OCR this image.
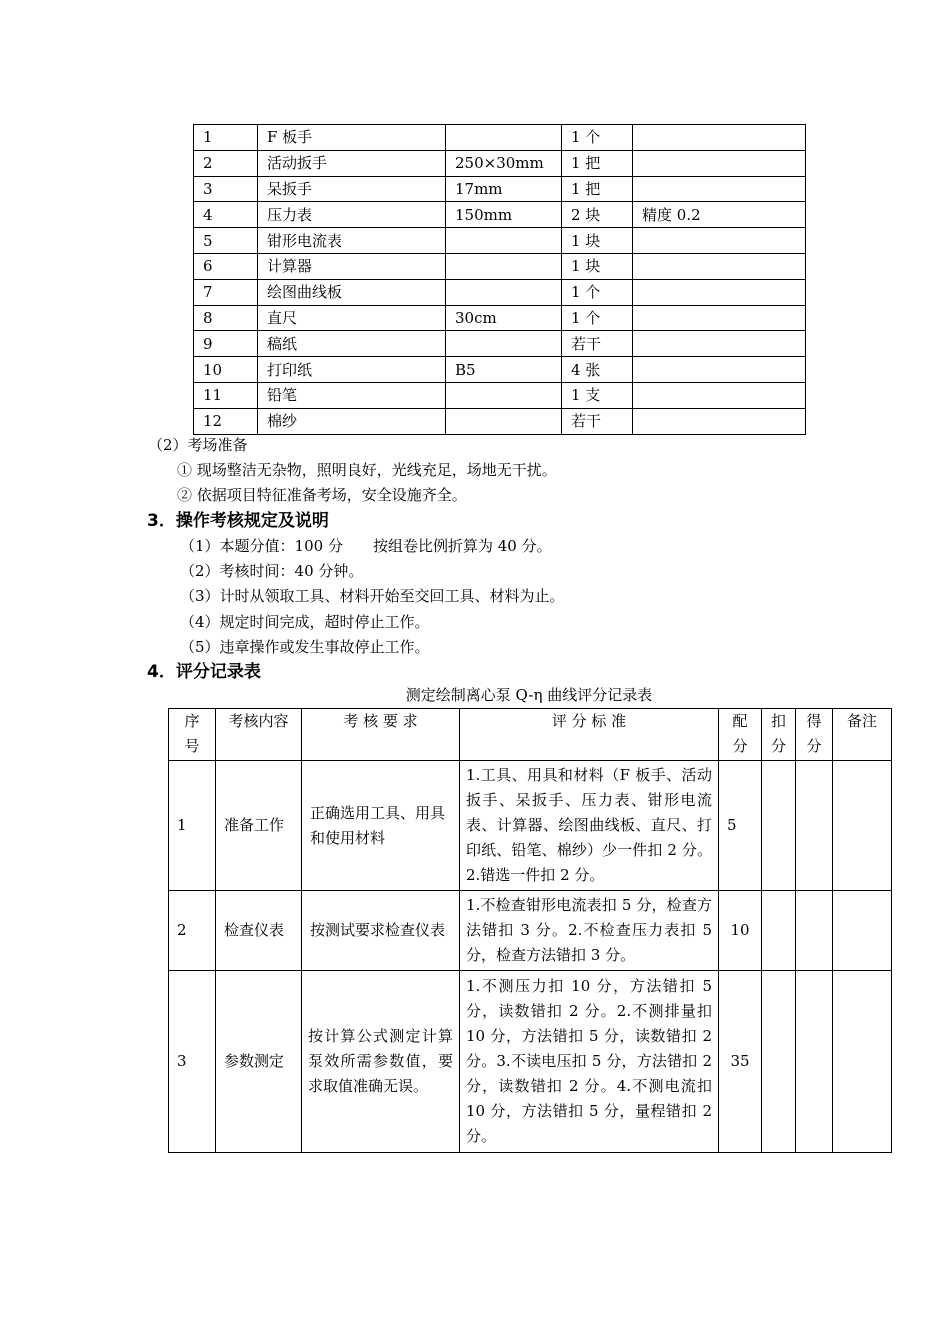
1	F 板手		1 个	
2	活动扳手	250×30mm	1 把	
3	呆扳手	17mm	1 把	
4	压力表	150mm	2 块	精度 0.2
5	钳形电流表		1 块	
6	计算器		1 块	
7	绘图曲线板		1 个	
8	直尺	30cm	1 个	
9	稿纸		若干	
10	打印纸	B5	4 张	
11	铅笔		1 支	
12	棉纱		若干	
（2）考场准备
① 现场整洁无杂物，照明良好，光线充足，场地无干扰。
② 依据项目特征准备考场，安全设施齐全。
3．操作考核规定及说明
（1）本题分值：100 分　　按组卷比例折算为 40 分。
（2）考核时间：40 分钟。
（3）计时从领取工具、材料开始至交回工具、材料为止。
（4）规定时间完成，超时停止工作。
（5）违章操作或发生事故停止工作。
4．评分记录表
测定绘制离心泵 Q-η 曲线评分记录表
序号	考核内容	考 核 要 求	评 分 标 准	配分	扣分	得分	备注
1	准备工作	正确选用工具、用具和使用材料	1.工具、用具和材料（F 板手、活动扳手、呆扳手、压力表、钳形电流表、计算器、绘图曲线板、直尺、打印纸、铅笔、棉纱）少一件扣 2 分。2.错选一件扣 2 分。	5			
2	检查仪表	按测试要求检查仪表	1.不检查钳形电流表扣 5 分，检查方法错扣 3 分。2.不检查压力表扣 5 分，检查方法错扣 3 分。	10			
3	参数测定	按计算公式测定计算泵效所需参数值，要求取值准确无误。	1.不测压力扣 10 分，方法错扣 5 分，读数错扣 2 分。2.不测排量扣 10 分，方法错扣 5 分，读数错扣 2 分。3.不读电压扣 5 分，方法错扣 2 分，读数错扣 2 分。4.不测电流扣 10 分，方法错扣 5 分，量程错扣 2 分。	35			
